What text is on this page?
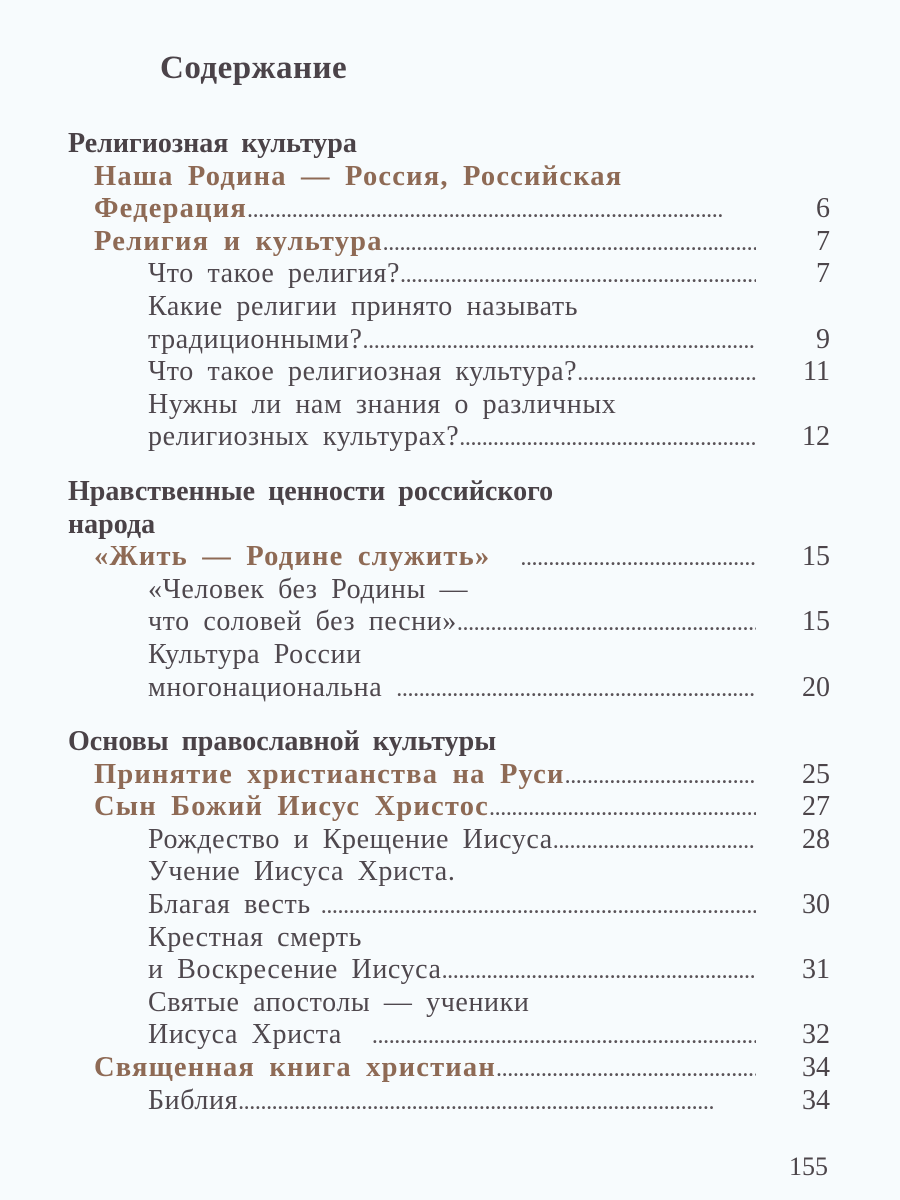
Содержание
Религиозная культура
Наша Родина — Россия, Российская
Федерация . . .	6
Религия и культура . . .	7
Что такое религия? . . .	7
Какие религии принято называть
традиционными? . . .	9
Что такое религиозная культура? . . .	11
Нужны ли нам знания о различных
религиозных культурах? . . .	12
Нравственные ценности российского
народа
«Жить — Родине служить» . . .	15
«Человек без Родины —
что соловей без песни» . . .	15
Культура России
многонациональна . . .	20
Основы православной культуры
Принятие христианства на Руси . . .	25
Сын Божий Иисус Христос . . .	27
Рождество и Крещение Иисуса . . .	28
Учение Иисуса Христа.
Благая весть . . .	30
Крестная смерть
и Воскресение Иисуса . . .	31
Святые апостолы — ученики
Иисуса Христа . . .	32
Священная книга христиан . . .	34
Библия . . .	34
155
